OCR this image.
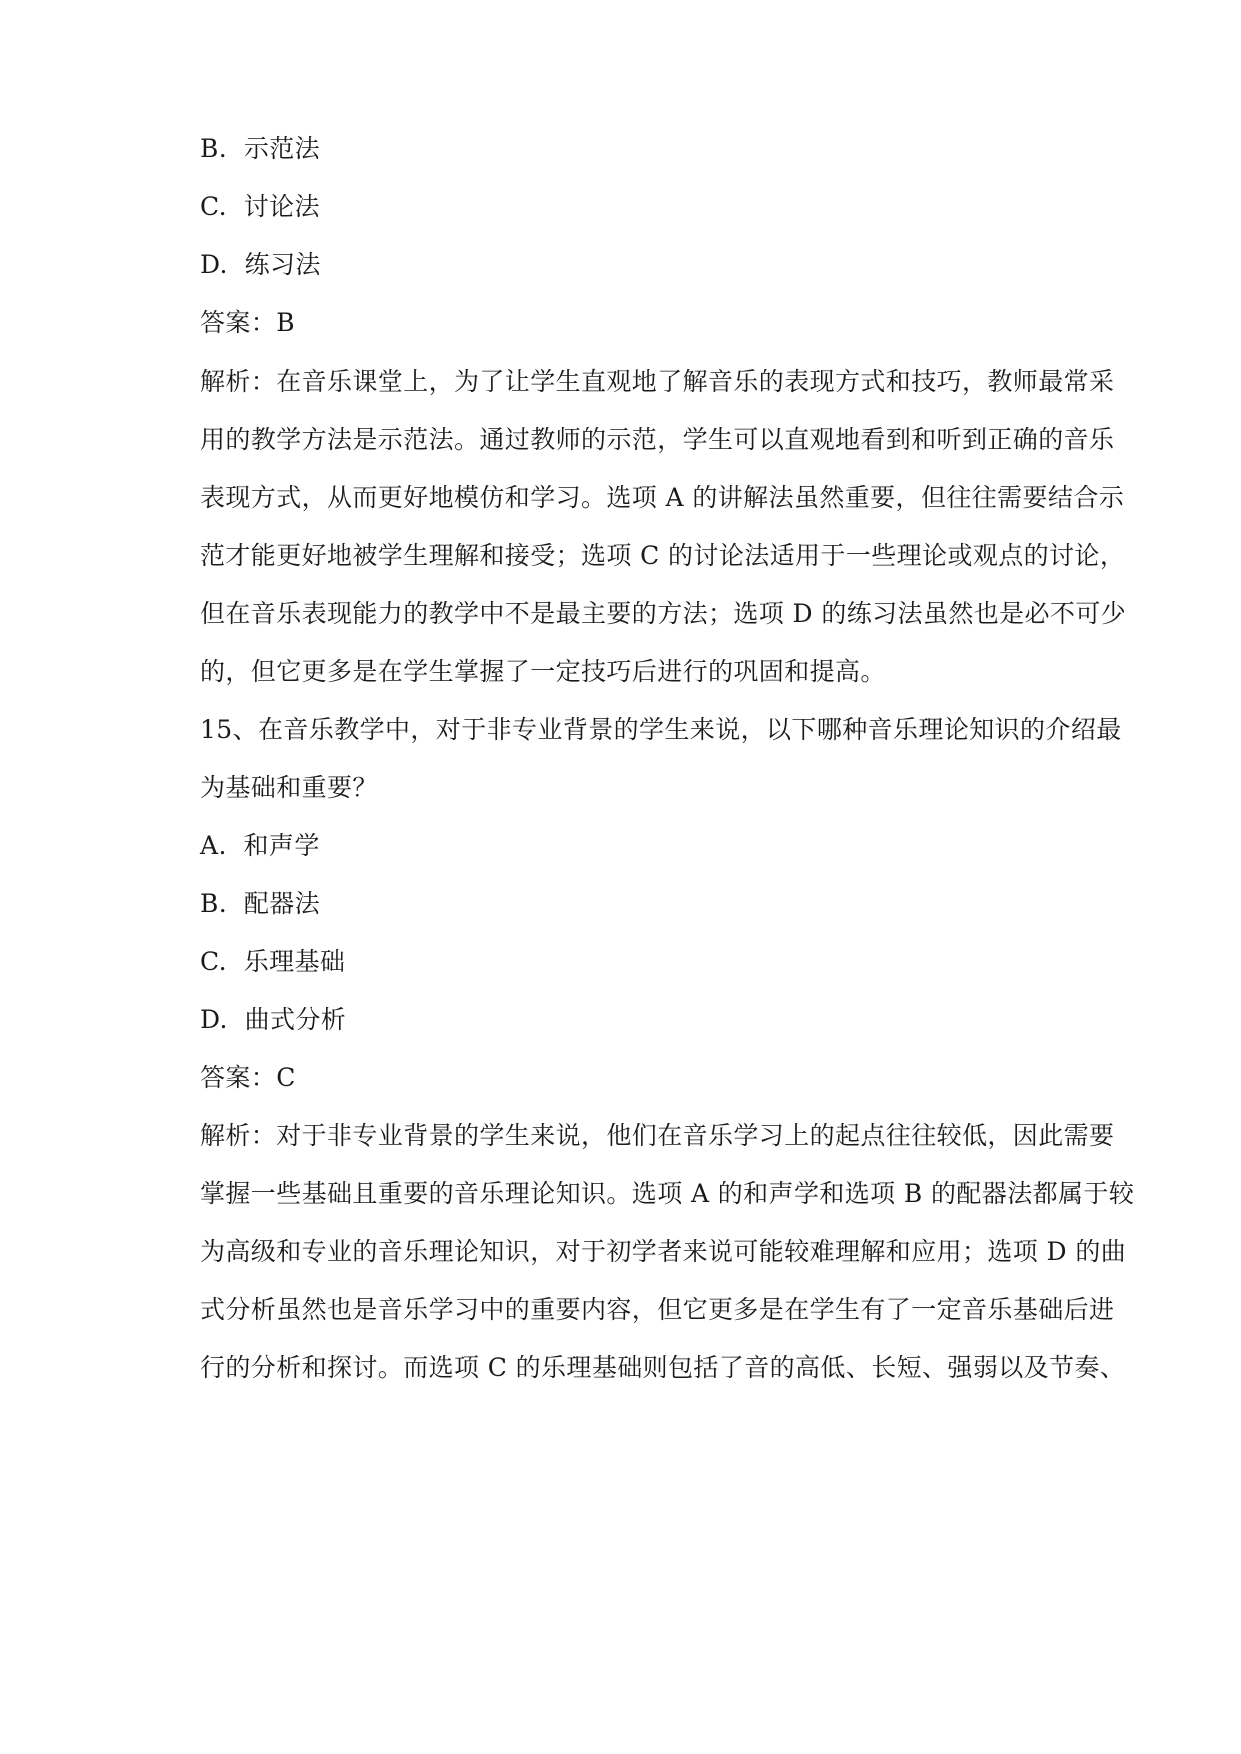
B. 示范法
C. 讨论法
D. 练习法
答案：B
解析：在音乐课堂上，为了让学生直观地了解音乐的表现方式和技巧，教师最常采
用的教学方法是示范法。通过教师的示范，学生可以直观地看到和听到正确的音乐
表现方式，从而更好地模仿和学习。选项 A 的讲解法虽然重要，但往往需要结合示
范才能更好地被学生理解和接受；选项 C 的讨论法适用于一些理论或观点的讨论，
但在音乐表现能力的教学中不是最主要的方法；选项 D 的练习法虽然也是必不可少
的，但它更多是在学生掌握了一定技巧后进行的巩固和提高。
15、在音乐教学中，对于非专业背景的学生来说，以下哪种音乐理论知识的介绍最
为基础和重要？
A. 和声学
B. 配器法
C. 乐理基础
D. 曲式分析
答案：C
解析：对于非专业背景的学生来说，他们在音乐学习上的起点往往较低，因此需要
掌握一些基础且重要的音乐理论知识。选项 A 的和声学和选项 B 的配器法都属于较
为高级和专业的音乐理论知识，对于初学者来说可能较难理解和应用；选项 D 的曲
式分析虽然也是音乐学习中的重要内容，但它更多是在学生有了一定音乐基础后进
行的分析和探讨。而选项 C 的乐理基础则包括了音的高低、长短、强弱以及节奏、
